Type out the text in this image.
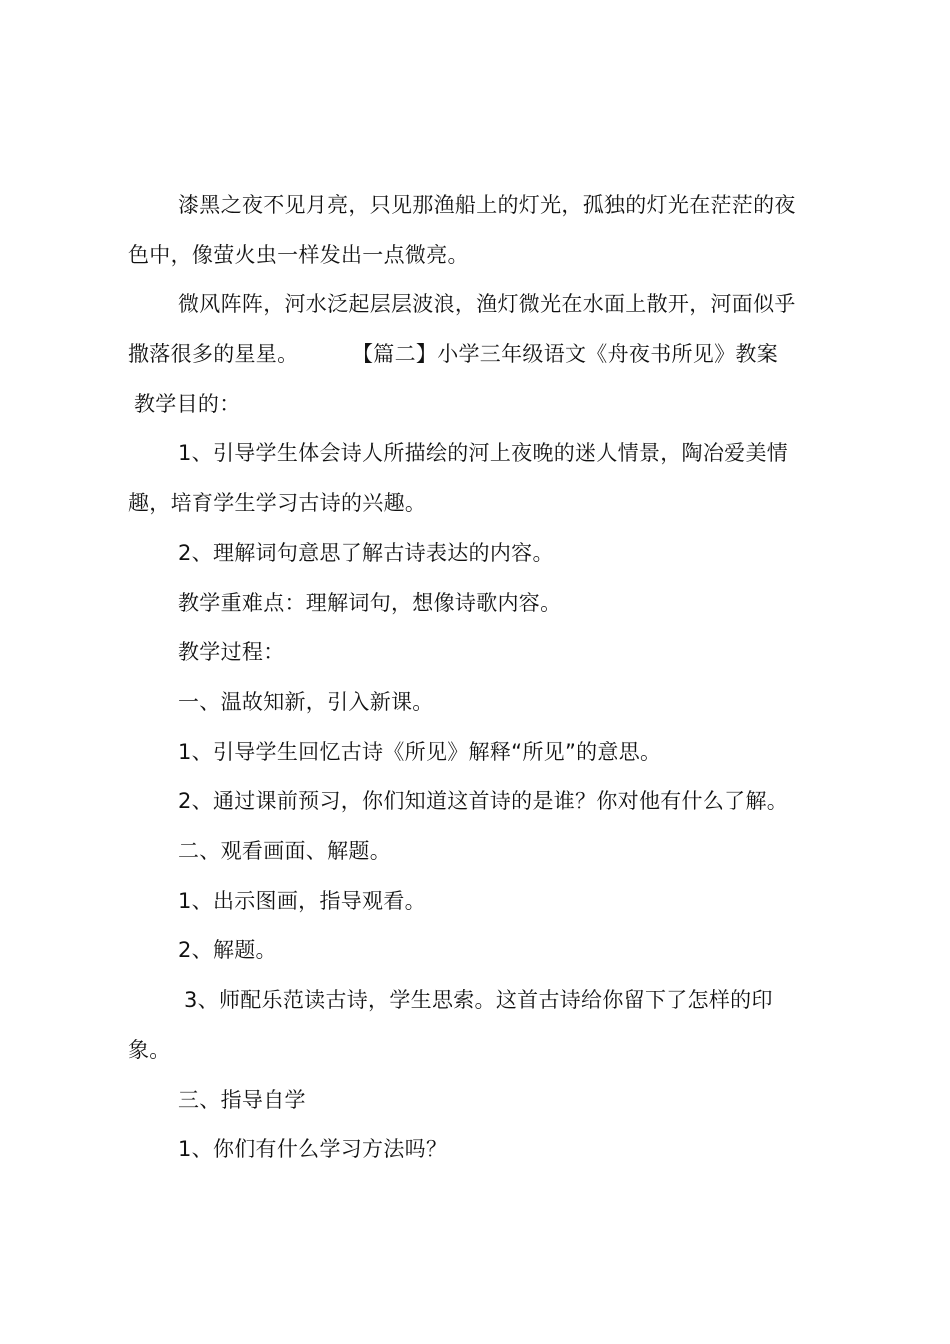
漆黑之夜不见月亮，只见那渔船上的灯光，孤独的灯光在茫茫的夜
色中，像萤火虫一样发出一点微亮。
微风阵阵，河水泛起层层波浪，渔灯微光在水面上散开，河面似乎
撒落很多的星星。	【篇二】小学三年级语文《舟夜书所见》教案
教学目的：
1、引导学生体会诗人所描绘的河上夜晚的迷人情景，陶冶爱美情
趣，培育学生学习古诗的兴趣。
2、理解词句意思了解古诗表达的内容。
教学重难点：理解词句，想像诗歌内容。
教学过程：
一、温故知新，引入新课。
1、引导学生回忆古诗《所见》解释“所见”的意思。
2、通过课前预习，你们知道这首诗的是谁？你对他有什么了解。
二、观看画面、解题。
1、出示图画，指导观看。
2、解题。
3、师配乐范读古诗，学生思索。这首古诗给你留下了怎样的印
象。
三、指导自学
1、你们有什么学习方法吗？
